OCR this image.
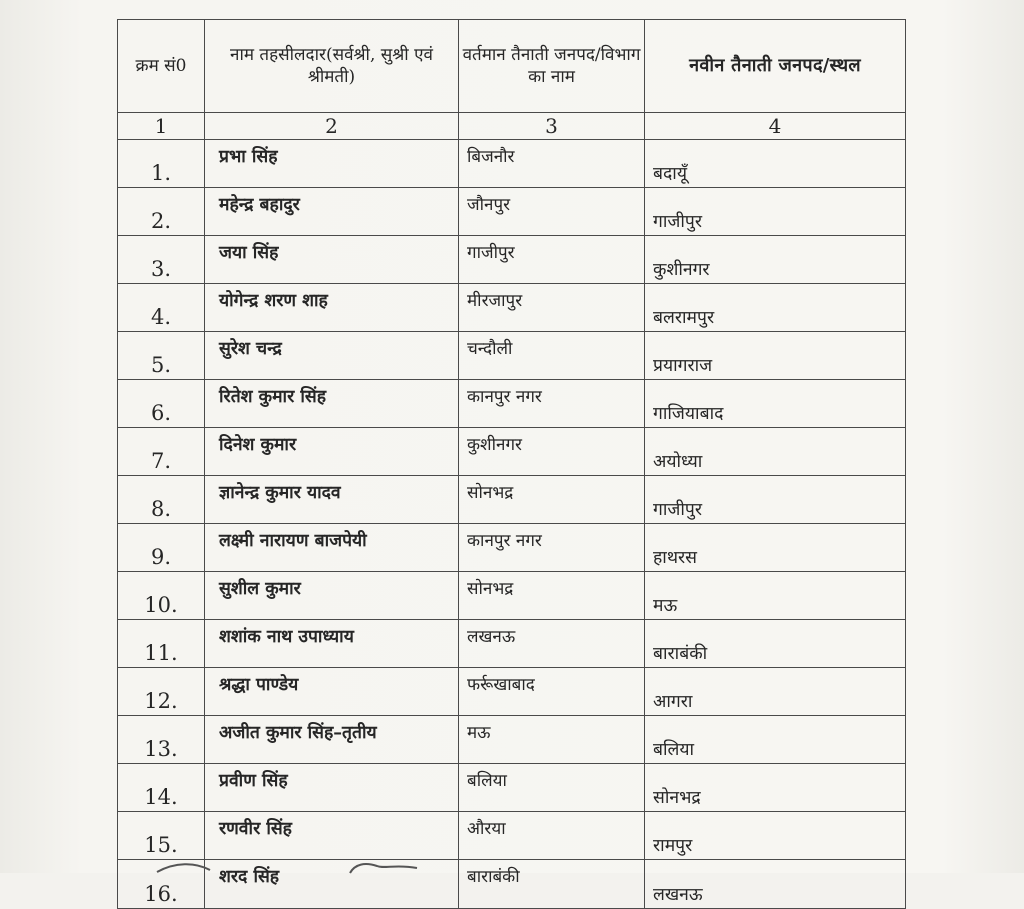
क्रम सं0	नाम तहसीलदार(सर्वश्री, सुश्री एवं श्रीमती)	वर्तमान तैनाती जनपद/विभाग का नाम	नवीन तैनाती जनपद/स्थल
1	2	3	4
1.	प्रभा सिंह	बिजनौर	बदायूँ
2.	महेन्द्र बहादुर	जौनपुर	गाजीपुर
3.	जया सिंह	गाजीपुर	कुशीनगर
4.	योगेन्द्र शरण शाह	मीरजापुर	बलरामपुर
5.	सुरेश चन्द्र	चन्दौली	प्रयागराज
6.	रितेश कुमार सिंह	कानपुर नगर	गाजियाबाद
7.	दिनेश कुमार	कुशीनगर	अयोध्या
8.	ज्ञानेन्द्र कुमार यादव	सोनभद्र	गाजीपुर
9.	लक्ष्मी नारायण बाजपेयी	कानपुर नगर	हाथरस
10.	सुशील कुमार	सोनभद्र	मऊ
11.	शशांक नाथ उपाध्याय	लखनऊ	बाराबंकी
12.	श्रद्धा पाण्डेय	फर्रूखाबाद	आगरा
13.	अजीत कुमार सिंह–तृतीय	मऊ	बलिया
14.	प्रवीण सिंह	बलिया	सोनभद्र
15.	रणवीर सिंह	औरया	रामपुर
16.	शरद सिंह	बाराबंकी	लखनऊ
